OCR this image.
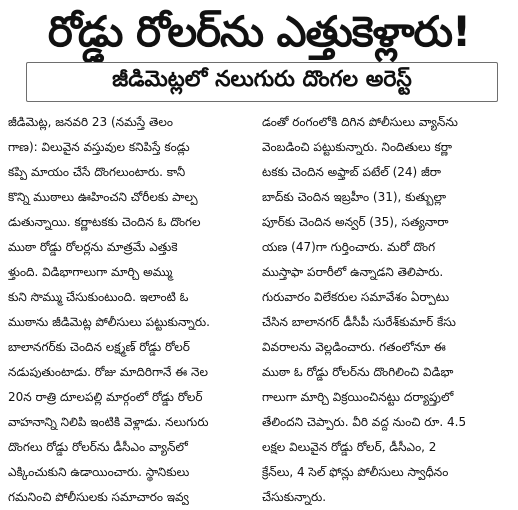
రోడ్డు రోలర్‌ను ఎత్తుకెళ్లారు!
జీడిమెట్లలో నలుగురు దొంగల అరెస్ట్
జీడిమెట్ల, జనవరి 23 (నమస్తే తెలం
గాణ): విలువైన వస్తువుల కనిపిస్తే కండ్లు
కప్పి మాయం చేసే దొంగలుంటారు. కానీ
కొన్ని ముఠాలు ఊహించని చోరీలకు పాల్ప
డుతున్నాయి. కర్ణాటకకు చెందిన ఓ దొంగల
ముఠా రోడ్డు రోలర్లను మాత్రమే ఎత్తుకె
ళ్తుంది. విడిభాగాలుగా మార్చి అమ్ము
కుని సొమ్ము చేసుకుంటుంది. ఇలాంటి ఓ
ముఠాను జీడిమెట్ల పోలీసులు పట్టుకున్నారు.
బాలానగర్‌కు చెందిన లక్ష్మణ్ రోడ్డు రోలర్
నడుపుతుంటాడు. రోజు మాదిరిగానే ఈ నెల
20న రాత్రి దూలపల్లి మార్గంలో రోడ్డు రోలర్
వాహనాన్ని నిలిపి ఇంటికి వెళ్లాడు. నలుగురు
దొంగలు రోడ్డు రోలర్‌ను డీసీఎం వ్యాన్‌లో
ఎక్కించుకుని ఉడాయించారు. స్థానికులు
గమనించి పోలీసులకు సమాచారం ఇవ్వ
డంతో రంగంలోకి దిగిన పోలీసులు వ్యాన్‌ను
వెంబడించి పట్టుకున్నారు. నిందితులు కర్ణా
టకకు చెందిన అఫ్తాబ్ పటేల్ (24) జీరా
బాద్‌కు చెందిన ఇబ్రహీం (31), కుత్బుల్లా
పూర్‌కు చెందిన అన్వర్ (35), సత్యనారా
యణ (47)గా గుర్తించారు. మరో దొంగ
ముస్తాఫా పరారీలో ఉన్నాడని తెలిపారు.
గురువారం విలేకరుల సమావేశం ఏర్పాటు
చేసిన బాలానగర్ డీసీపీ సురేశ్‌కుమార్ కేసు
వివరాలను వెల్లడించారు. గతంలోనూ ఈ
ముఠా ఓ రోడ్డు రోలర్‌ను దొంగిలించి విడిభా
గాలుగా మార్చి విక్రయించినట్టు దర్యాప్తులో
తేలిందని చెప్పారు. వీరి వద్ద నుంచి రూ. 4.5
లక్షల విలువైన రోడ్డు రోలర్, డీసీఎం, 2
క్రేన్‌లు, 4 సెల్ ఫోన్లు పోలీసులు స్వాధీనం
చేసుకున్నారు.
